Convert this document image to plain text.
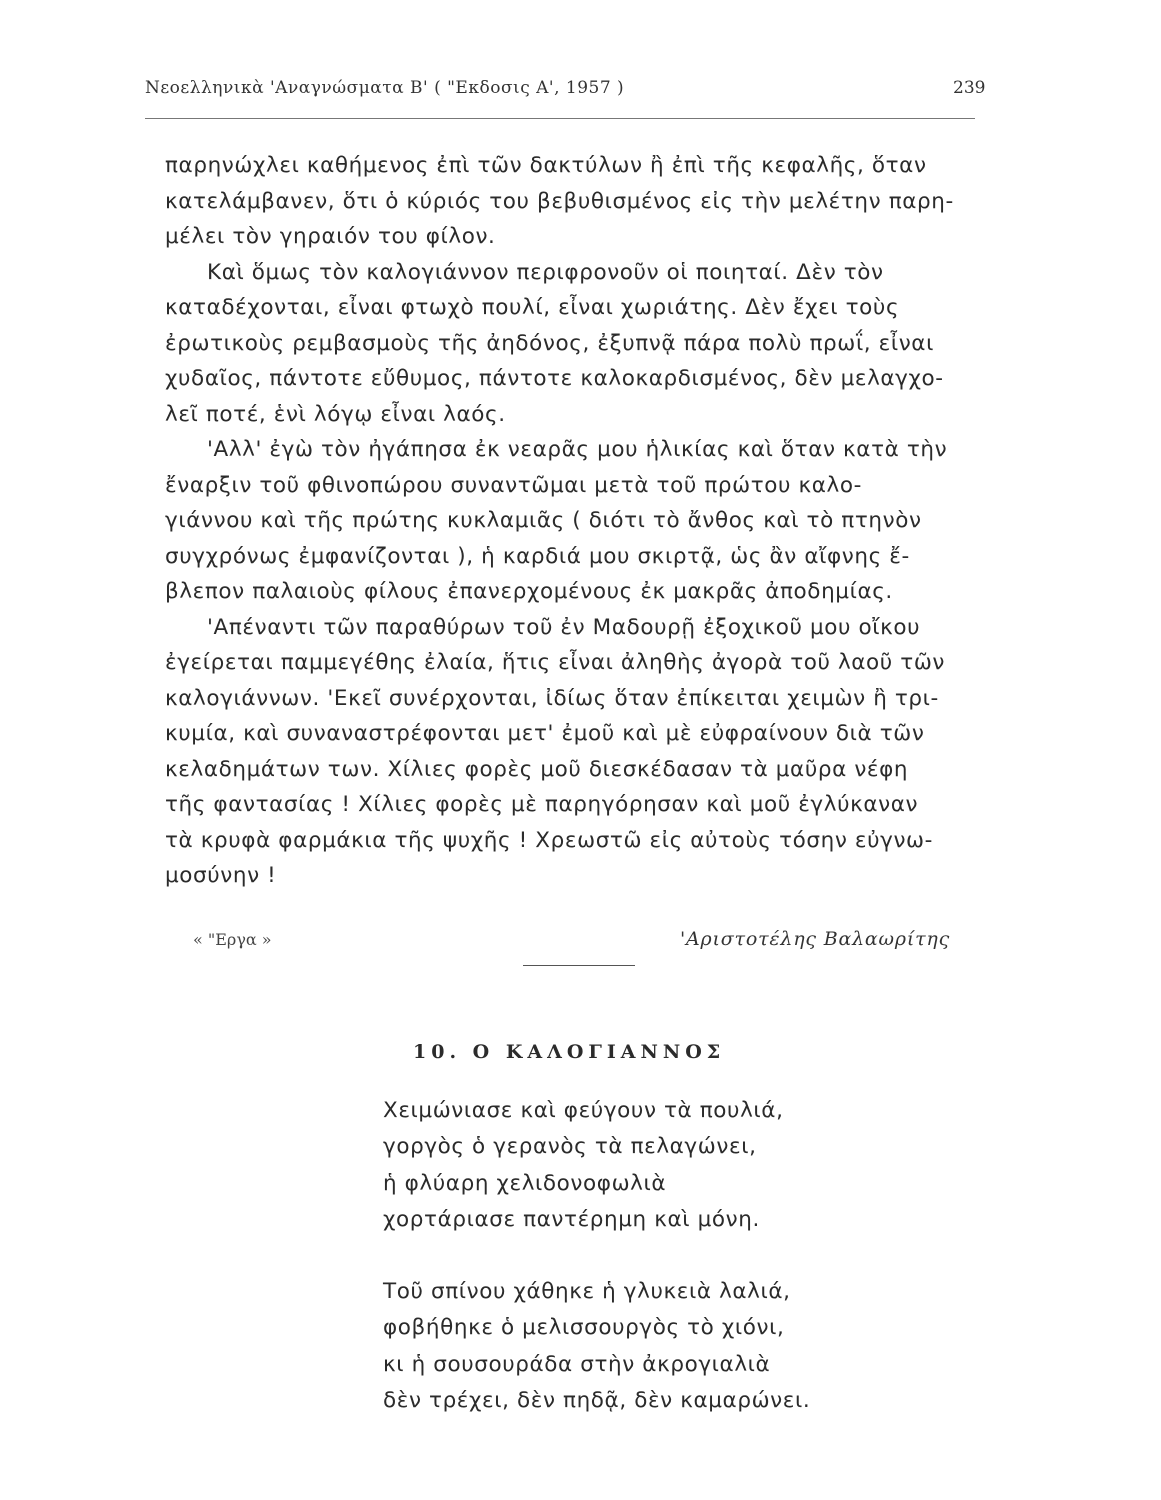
Νεοελληνικὰ 'Αναγνώσματα Β' ( "Εκδοσις Α', 1957 )	239

παρηνώχλει καθήμενος ἐπὶ τῶν δακτύλων ἢ ἐπὶ τῆς κεφαλῆς, ὅταν
κατελάμβανεν, ὅτι ὁ κύριός του βεβυθισμένος εἰς τὴν μελέτην παρη-
μέλει τὸν γηραιόν του φίλον.

Καὶ ὅμως τὸν καλογιάννον περιφρονοῦν οἱ ποιηταί. Δὲν τὸν
καταδέχονται, εἶναι φτωχὸ πουλί, εἶναι χωριάτης. Δὲν ἔχει τοὺς
ἐρωτικοὺς ρεμβασμοὺς τῆς ἀηδόνος, ἐξυπνᾷ πάρα πολὺ πρωΐ, εἶναι
χυδαῖος, πάντοτε εὔθυμος, πάντοτε καλοκαρδισμένος, δὲν μελαγχο-
λεῖ ποτέ, ἑνὶ λόγῳ εἶναι λαός.

'Αλλ' ἐγὼ τὸν ἠγάπησα ἐκ νεαρᾶς μου ἡλικίας καὶ ὅταν κατὰ τὴν
ἔναρξιν τοῦ φθινοπώρου συναντῶμαι μετὰ τοῦ πρώτου καλο-
γιάννου καὶ τῆς πρώτης κυκλαμιᾶς ( διότι τὸ ἄνθος καὶ τὸ πτηνὸν
συγχρόνως ἐμφανίζονται ), ἡ καρδιά μου σκιρτᾷ, ὡς ἂν αἴφνης ἔ-
βλεπον παλαιοὺς φίλους ἐπανερχομένους ἐκ μακρᾶς ἀποδημίας.

'Απέναντι τῶν παραθύρων τοῦ ἐν Μαδουρῇ ἐξοχικοῦ μου οἴκου
ἐγείρεται παμμεγέθης ἐλαία, ἥτις εἶναι ἀληθὴς ἀγορὰ τοῦ λαοῦ τῶν
καλογιάννων. 'Εκεῖ συνέρχονται, ἰδίως ὅταν ἐπίκειται χειμὼν ἢ τρι-
κυμία, καὶ συναναστρέφονται μετ' ἐμοῦ καὶ μὲ εὐφραίνουν διὰ τῶν
κελαδημάτων των. Χίλιες φορὲς μοῦ διεσκέδασαν τὰ μαῦρα νέφη
τῆς φαντασίας ! Χίλιες φορὲς μὲ παρηγόρησαν καὶ μοῦ ἐγλύκαναν
τὰ κρυφὰ φαρμάκια τῆς ψυχῆς ! Χρεωστῶ εἰς αὐτοὺς τόσην εὐγνω-
μοσύνην !

« "Εργα »	'Αριστοτέλης Βαλαωρίτης
10. Ο ΚΑΛΟΓΙΑΝΝΟΣ

Χειμώνιασε καὶ φεύγουν τὰ πουλιά,
γοργὸς ὁ γερανὸς τὰ πελαγώνει,
ἡ φλύαρη χελιδονοφωλιὰ
χορτάριασε παντέρημη καὶ μόνη.

Τοῦ σπίνου χάθηκε ἡ γλυκειὰ λαλιά,
φοβήθηκε ὁ μελισσουργὸς τὸ χιόνι,
κι ἡ σουσουράδα στὴν ἀκρογιαλιὰ
δὲν τρέχει, δὲν πηδᾷ, δὲν καμαρώνει.
